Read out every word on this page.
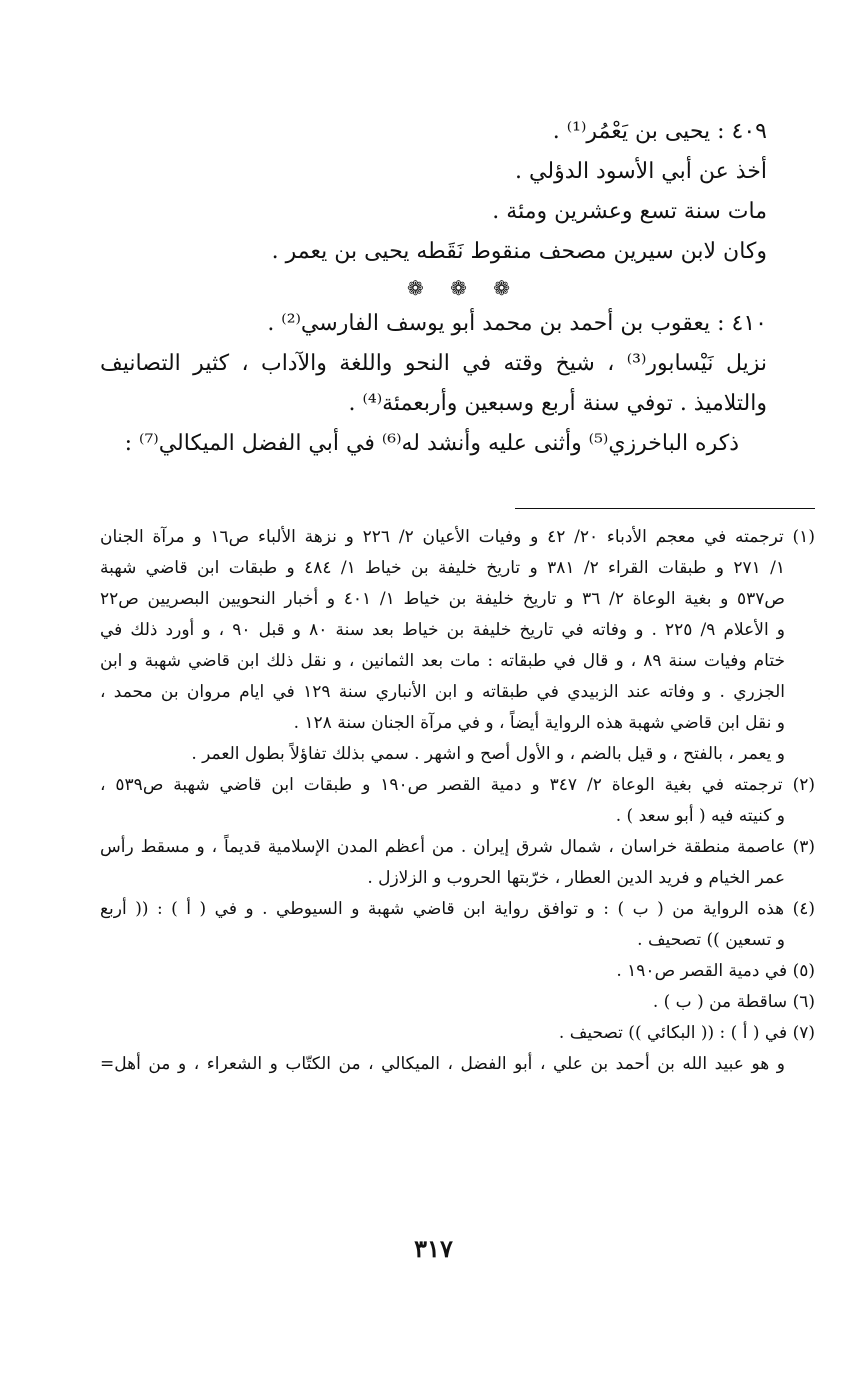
٤٠٩ : يحيى بن يَعْمُر⁽¹⁾ .
أخذ عن أبي الأسود الدؤلي .
مات سنة تسع وعشرين ومئة .
وكان لابن سيرين مصحف منقوط نَقَطه يحيى بن يعمر .
❁ ❁ ❁
٤١٠ : يعقوب بن أحمد بن محمد أبو يوسف الفارسي⁽²⁾ .
نزيل نَيْسابور⁽³⁾ ، شيخ وقته في النحو واللغة والآداب ، كثير التصانيف
والتلاميذ . توفي سنة أربع وسبعين وأربعمئة⁽⁴⁾ .
ذكره الباخرزي⁽⁵⁾ وأثنى عليه وأنشد له⁽⁶⁾ في أبي الفضل الميكالي⁽⁷⁾ :
(١) ترجمته في معجم الأدباء ٢٠/ ٤٢ و وفيات الأعيان ٢/ ٢٢٦ و نزهة الألباء ص١٦ و مرآة الجنان
١/ ٢٧١ و طبقات القراء ٢/ ٣٨١ و تاريخ خليفة بن خياط ١/ ٤٨٤ و طبقات ابن قاضي شهبة
ص٥٣٧ و بغية الوعاة ٢/ ٣٦ و تاريخ خليفة بن خياط ١/ ٤٠١ و أخبار النحويين البصريين ص٢٢
و الأعلام ٩/ ٢٢٥ . و وفاته في تاريخ خليفة بن خياط بعد سنة ٨٠ و قبل ٩٠ ، و أورد ذلك في
ختام وفيات سنة ٨٩ ، و قال في طبقاته : مات بعد الثمانين ، و نقل ذلك ابن قاضي شهبة و ابن
الجزري . و وفاته عند الزبيدي في طبقاته و ابن الأنباري سنة ١٢٩ في ايام مروان بن محمد ،
و نقل ابن قاضي شهبة هذه الرواية أيضاً ، و في مرآة الجنان سنة ١٢٨ .
و يعمر ، بالفتح ، و قيل بالضم ، و الأول أصح و اشهر . سمي بذلك تفاؤلاً بطول العمر .
(٢) ترجمته في بغية الوعاة ٢/ ٣٤٧ و دمية القصر ص١٩٠ و طبقات ابن قاضي شهبة ص٥٣٩ ،
و كنيته فيه ( أبو سعد ) .
(٣) عاصمة منطقة خراسان ، شمال شرق إيران . من أعظم المدن الإسلامية قديماً ، و مسقط رأس
عمر الخيام و فريد الدين العطار ، خرّبتها الحروب و الزلازل .
(٤) هذه الرواية من ( ب ) : و توافق رواية ابن قاضي شهبة و السيوطي . و في ( أ ) : (( أربع
و تسعين )) تصحيف .
(٥) في دمية القصر ص١٩٠ .
(٦) ساقطة من ( ب ) .
(٧) في ( أ ) : (( البكائي )) تصحيف .
و هو عبيد الله بن أحمد بن علي ، أبو الفضل ، الميكالي ، من الكتّاب و الشعراء ، و من أهل=
٣١٧
